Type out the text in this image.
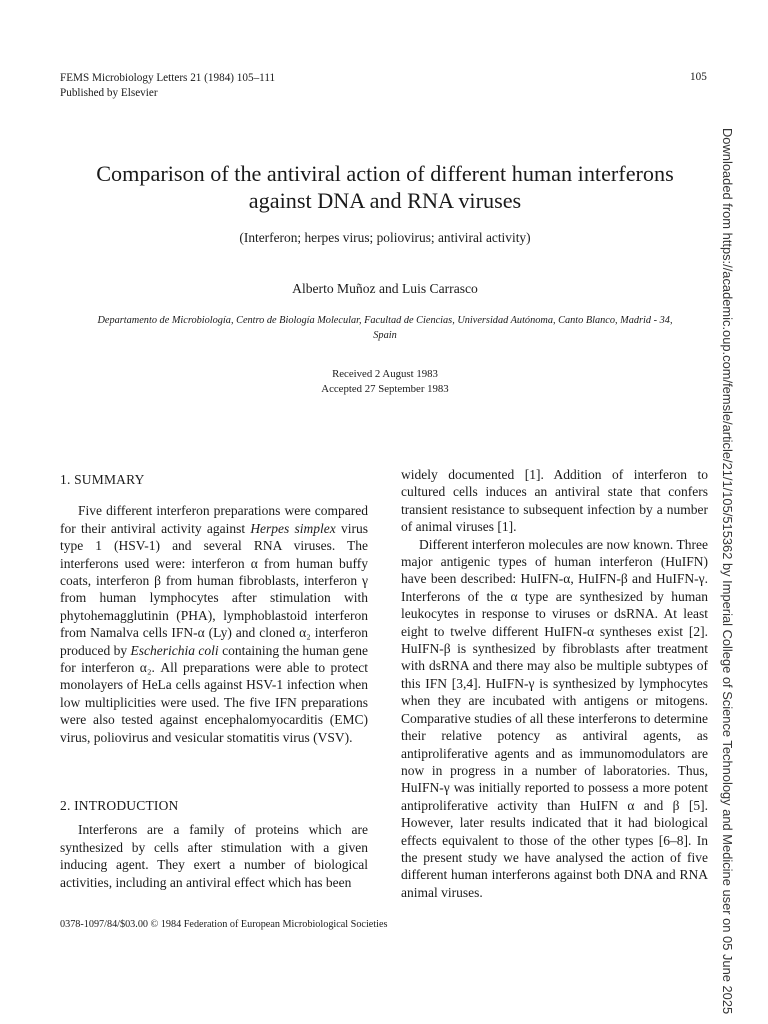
FEMS Microbiology Letters 21 (1984) 105–111
Published by Elsevier
105
Comparison of the antiviral action of different human interferons
against DNA and RNA viruses
(Interferon; herpes virus; poliovirus; antiviral activity)
Alberto Muñoz and Luis Carrasco
Departamento de Microbiología, Centro de Biología Molecular, Facultad de Ciencias, Universidad Autónoma, Canto Blanco, Madrid - 34,
Spain
Received 2 August 1983
Accepted 27 September 1983
1. SUMMARY

Five different interferon preparations were compared for their antiviral activity against Herpes simplex virus type 1 (HSV-1) and several RNA viruses. The interferons used were: interferon α from human buffy coats, interferon β from human fibroblasts, interferon γ from human lymphocytes after stimulation with phytohemagglutinin (PHA), lymphoblastoid interferon from Namalva cells IFN-α (Ly) and cloned α₂ interferon produced by Escherichia coli containing the human gene for interferon α₂. All preparations were able to protect monolayers of HeLa cells against HSV-1 infection when low multiplicities were used. The five IFN preparations were also tested against encephalomyocarditis (EMC) virus, poliovirus and vesicular stomatitis virus (VSV).

2. INTRODUCTION

Interferons are a family of proteins which are synthesized by cells after stimulation with a given inducing agent. They exert a number of biological activities, including an antiviral effect which has been

widely documented [1]. Addition of interferon to cultured cells induces an antiviral state that confers transient resistance to subsequent infection by a number of animal viruses [1].

Different interferon molecules are now known. Three major antigenic types of human interferon (HuIFN) have been described: HuIFN-α, HuIFN-β and HuIFN-γ. Interferons of the α type are synthesized by human leukocytes in response to viruses or dsRNA. At least eight to twelve different HuIFN-α syntheses exist [2]. HuIFN-β is synthesized by fibroblasts after treatment with dsRNA and there may also be multiple subtypes of this IFN [3,4]. HuIFN-γ is synthesized by lymphocytes when they are incubated with antigens or mitogens. Comparative studies of all these interferons to determine their relative potency as antiviral agents, as antiproliferative agents and as immunomodulators are now in progress in a number of laboratories. Thus, HuIFN-γ was initially reported to possess a more potent antiproliferative activity than HuIFN α and β [5]. However, later results indicated that it had biological effects equivalent to those of the other types [6–8]. In the present study we have analysed the action of five different human interferons against both DNA and RNA animal viruses.

0378-1097/84/$03.00 © 1984 Federation of European Microbiological Societies	Downloaded from https://academic.oup.com/femsle/article/21/1/105/515362 by Imperial College of Science Technology and Medicine user on 05 June 2025
